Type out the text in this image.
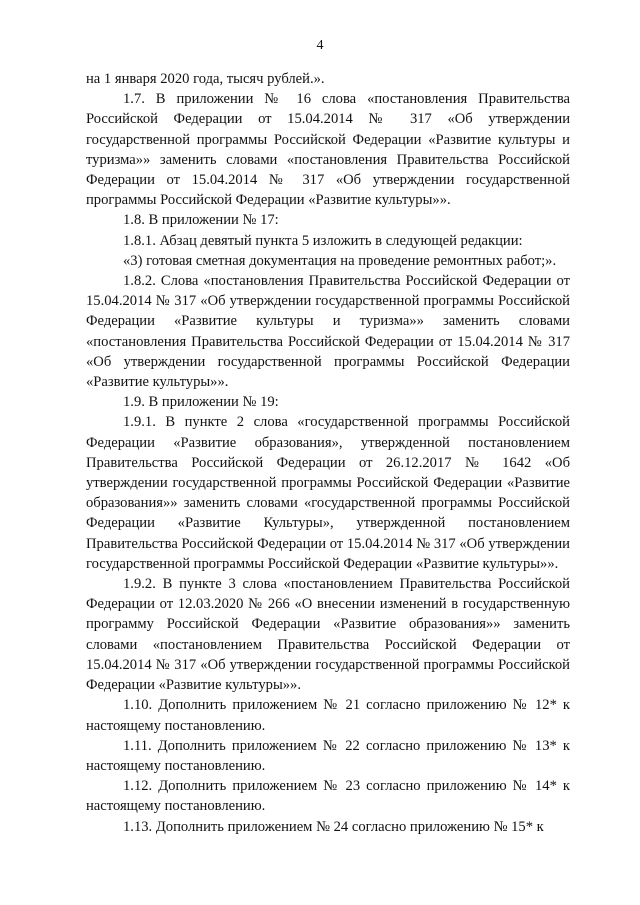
4

на 1 января 2020 года, тысяч рублей.».

1.7. В приложении № 16 слова «постановления Правительства Российской Федерации от 15.04.2014 № 317 «Об утверждении государственной программы Российской Федерации «Развитие культуры и туризма»» заменить словами «постановления Правительства Российской Федерации от 15.04.2014 № 317 «Об утверждении государственной программы Российской Федерации «Развитие культуры»».

1.8. В приложении № 17:

1.8.1. Абзац девятый пункта 5 изложить в следующей редакции:

«3) готовая сметная документация на проведение ремонтных работ;».

1.8.2. Слова «постановления Правительства Российской Федерации от 15.04.2014 № 317 «Об утверждении государственной программы Российской Федерации «Развитие культуры и туризма»» заменить словами «постановления Правительства Российской Федерации от 15.04.2014 № 317 «Об утверждении государственной программы Российской Федерации «Развитие культуры»».

1.9. В приложении № 19:

1.9.1. В пункте 2 слова «государственной программы Российской Федерации «Развитие образования», утвержденной постановлением Правительства Российской Федерации от 26.12.2017 № 1642 «Об утверждении государственной программы Российской Федерации «Развитие образования»» заменить словами «государственной программы Российской Федерации «Развитие Культуры», утвержденной постановлением Правительства Российской Федерации от 15.04.2014 № 317 «Об утверждении государственной программы Российской Федерации «Развитие культуры»».

1.9.2. В пункте 3 слова «постановлением Правительства Российской Федерации от 12.03.2020 № 266 «О внесении изменений в государственную программу Российской Федерации «Развитие образования»» заменить словами «постановлением Правительства Российской Федерации от 15.04.2014 № 317 «Об утверждении государственной программы Российской Федерации «Развитие культуры»».

1.10. Дополнить приложением № 21 согласно приложению № 12* к настоящему постановлению.

1.11. Дополнить приложением № 22 согласно приложению № 13* к настоящему постановлению.

1.12. Дополнить приложением № 23 согласно приложению № 14* к настоящему постановлению.

1.13. Дополнить приложением № 24 согласно приложению № 15* к
